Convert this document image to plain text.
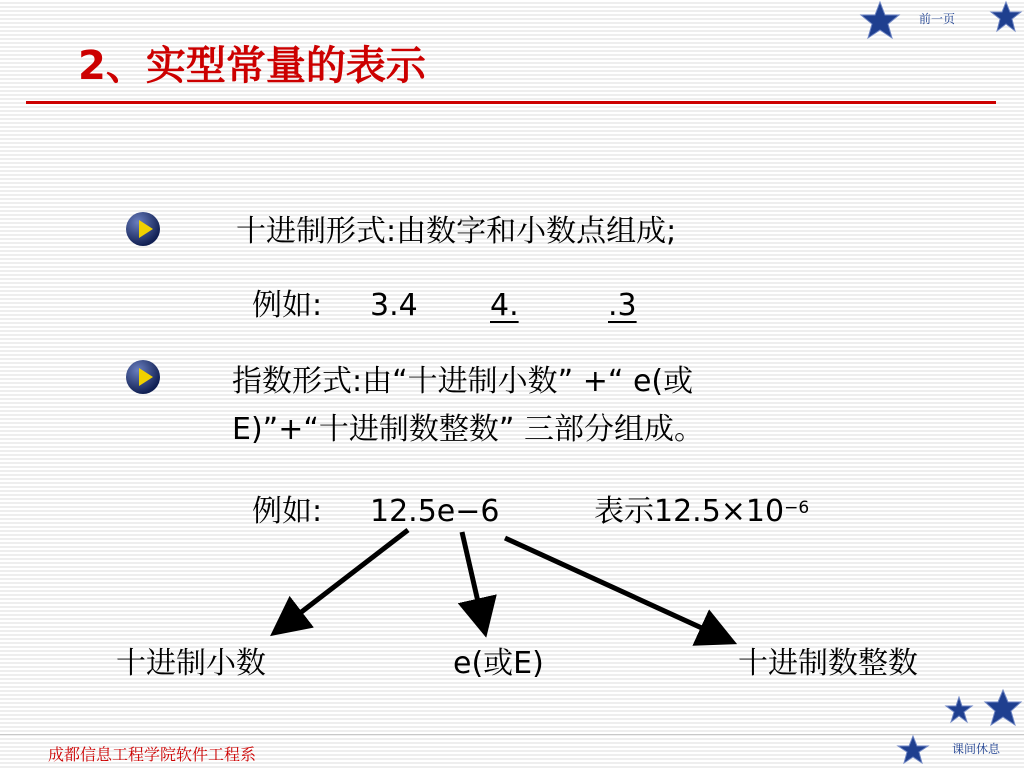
前一页
2、实型常量的表示
十进制形式:由数字和小数点组成;
例如: 3.4 4.	.3
指数形式:由“十进制小数” +“ e(或
E)”+“十进制数整数” 三部分组成。
例如: 12.5e−6	表示$12.5\times 10^{-6}$
十进制小数	e(或E)	十进制数整数
成都信息工程学院软件工程系	课间休息
